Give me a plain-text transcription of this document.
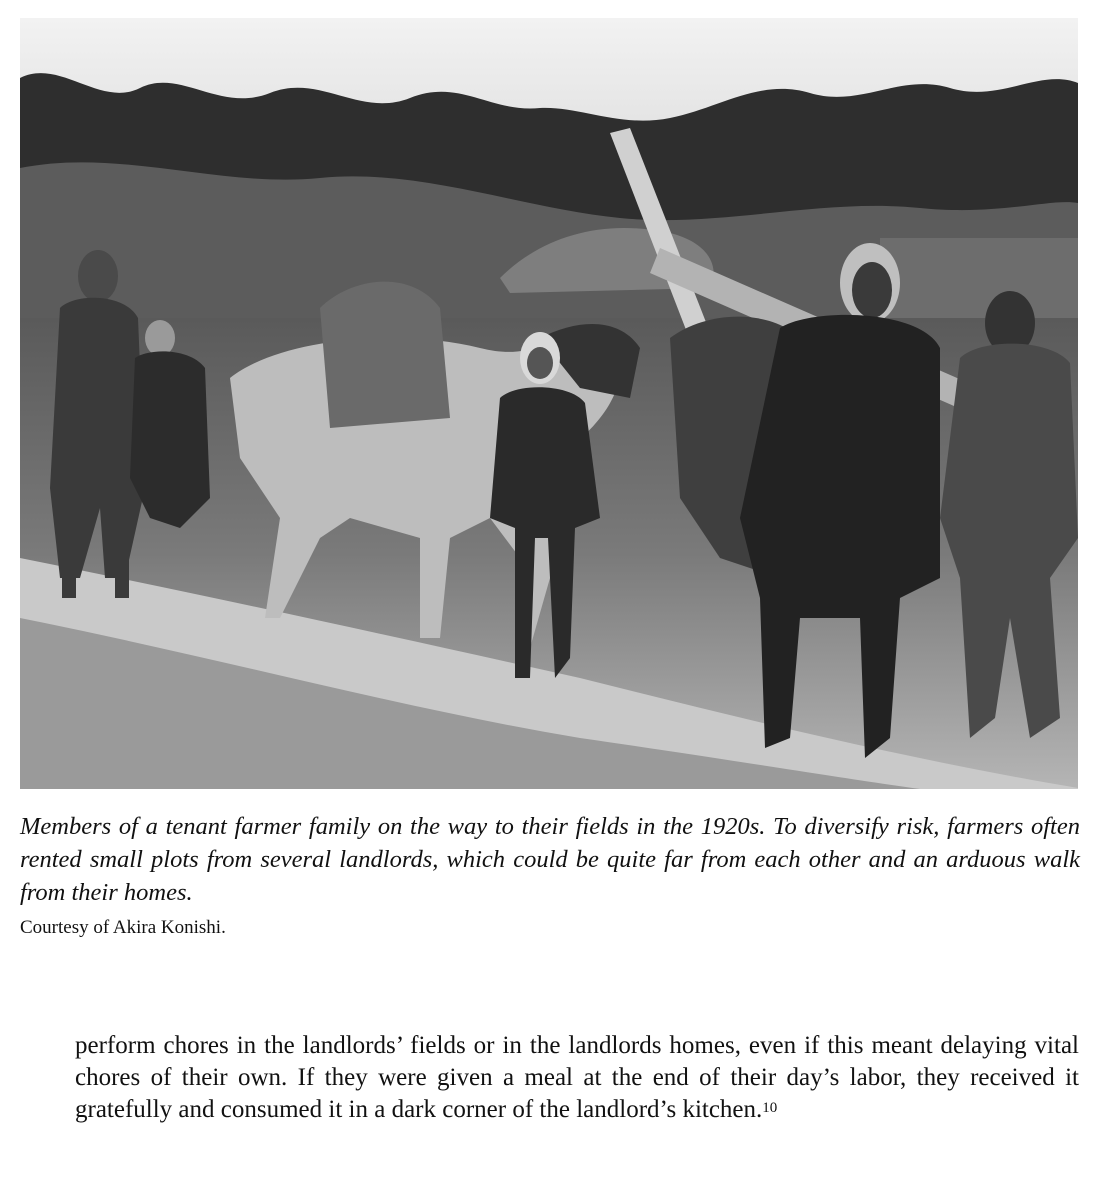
Members of a tenant farmer family on the way to their fields in the 1920s. To diversify risk, farmers often rented small plots from several landlords, which could be quite far from each other and an arduous walk from their homes.
Courtesy of Akira Konishi.

perform chores in the landlords’ fields or in the landlords homes, even if this meant delaying vital chores of their own. If they were given a meal at the end of their day’s labor, they received it gratefully and consumed it in a dark corner of the landlord’s kitchen.$^{10}$
